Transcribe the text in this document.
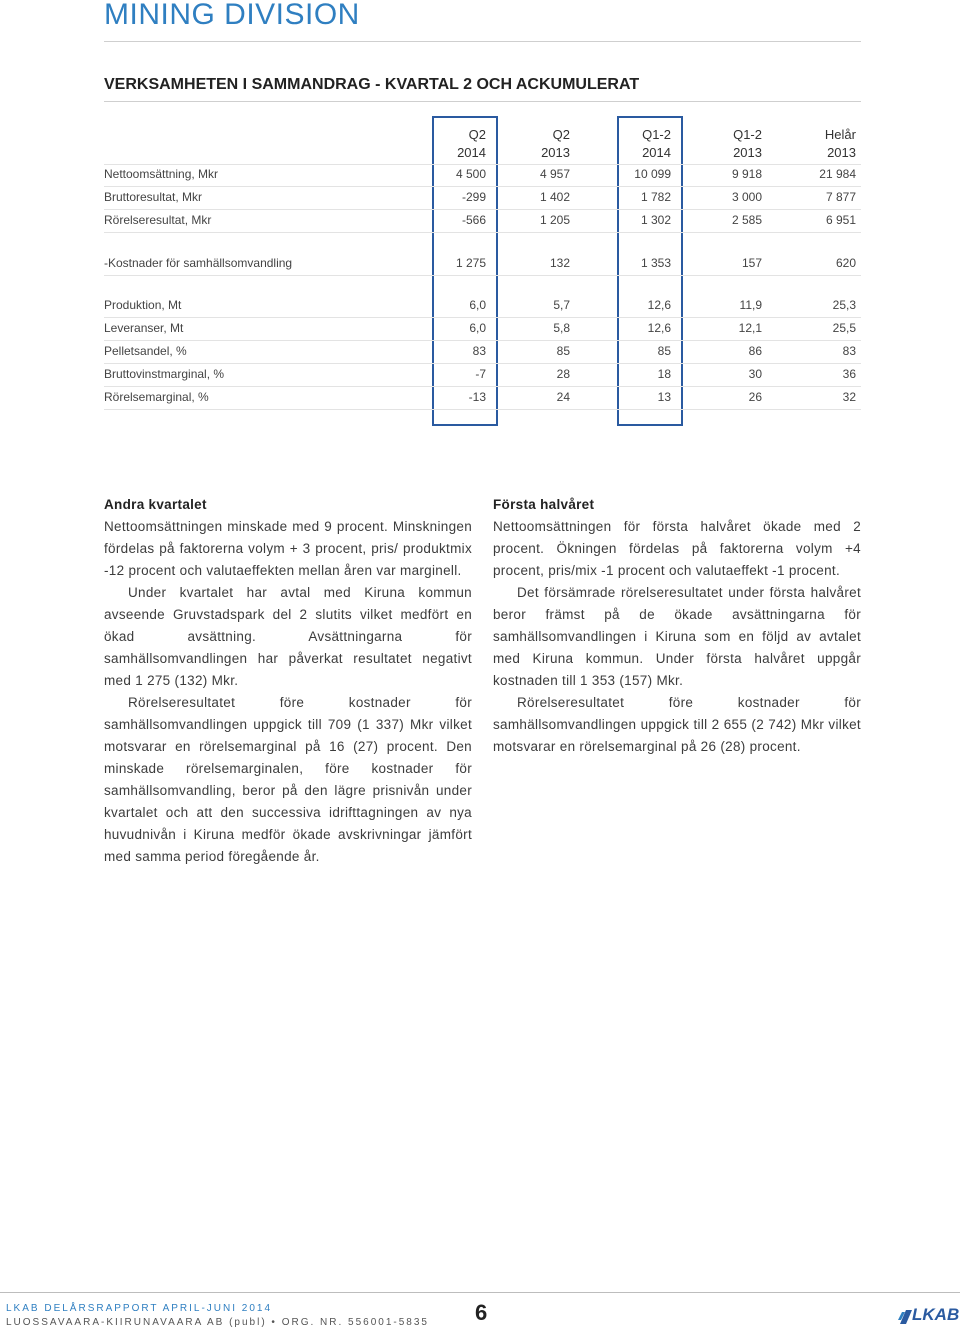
MINING DIVISION
VERKSAMHETEN I SAMMANDRAG - KVARTAL 2 OCH ACKUMULERAT
Q2
2014
Q2
2013
Q1-2
2014
Q1-2
2013
Helår
2013
Nettoomsättning, Mkr	4 500	4 957	10 099	9 918	21 984
Bruttoresultat, Mkr	-299	1 402	1 782	3 000	7 877
Rörelseresultat, Mkr	-566	1 205	1 302	2 585	6 951
-Kostnader för samhällsomvandling	1 275	132	1 353	157	620
Produktion, Mt	6,0	5,7	12,6	11,9	25,3
Leveranser, Mt	6,0	5,8	12,6	12,1	25,5
Pelletsandel, %	83	85	85	86	83
Bruttovinstmarginal, %	-7	28	18	30	36
Rörelsemarginal, %	-13	24	13	26	32
Andra kvartalet

Nettoomsättningen minskade med 9 procent. Minskningen fördelas på faktorerna volym + 3 procent, pris/ produktmix -12 procent och valutaeffekten mellan åren var marginell.

Under kvartalet har avtal med Kiruna kommun avseende Gruvstadspark del 2 slutits vilket medfört en ökad avsättning. Avsättningarna för samhällsomvandlingen har påverkat resultatet negativt med 1 275 (132) Mkr.

Rörelseresultatet före kostnader för samhällsomvandlingen uppgick till 709 (1 337) Mkr vilket motsvarar en rörelsemarginal på 16 (27) procent. Den minskade rörelsemarginalen, före kostnader för samhällsomvandling, beror på den lägre prisnivån under kvartalet och att den successiva idrifttagningen av nya huvudnivån i Kiruna medför ökade avskrivningar jämfört med samma period föregående år.

Första halvåret

Nettoomsättningen för första halvåret ökade med 2 procent. Ökningen fördelas på faktorerna volym +4 procent, pris/mix -1 procent och valutaeffekt -1 procent.

Det försämrade rörelseresultatet under första halvåret beror främst på de ökade avsättningarna för samhällsomvandlingen i Kiruna som en följd av avtalet med Kiruna kommun. Under första halvåret uppgår kostnaden till 1 353 (157) Mkr.

Rörelseresultatet före kostnader för samhällsomvandlingen uppgick till 2 655 (2 742) Mkr vilket motsvarar en rörelsemarginal på 26 (28) procent.

LKAB DELÅRSRAPPORT APRIL-JUNI 2014
LUOSSAVAARA-KIIRUNAVAARA AB (publ) • ORG. NR. 556001-5835 6	LKAB
